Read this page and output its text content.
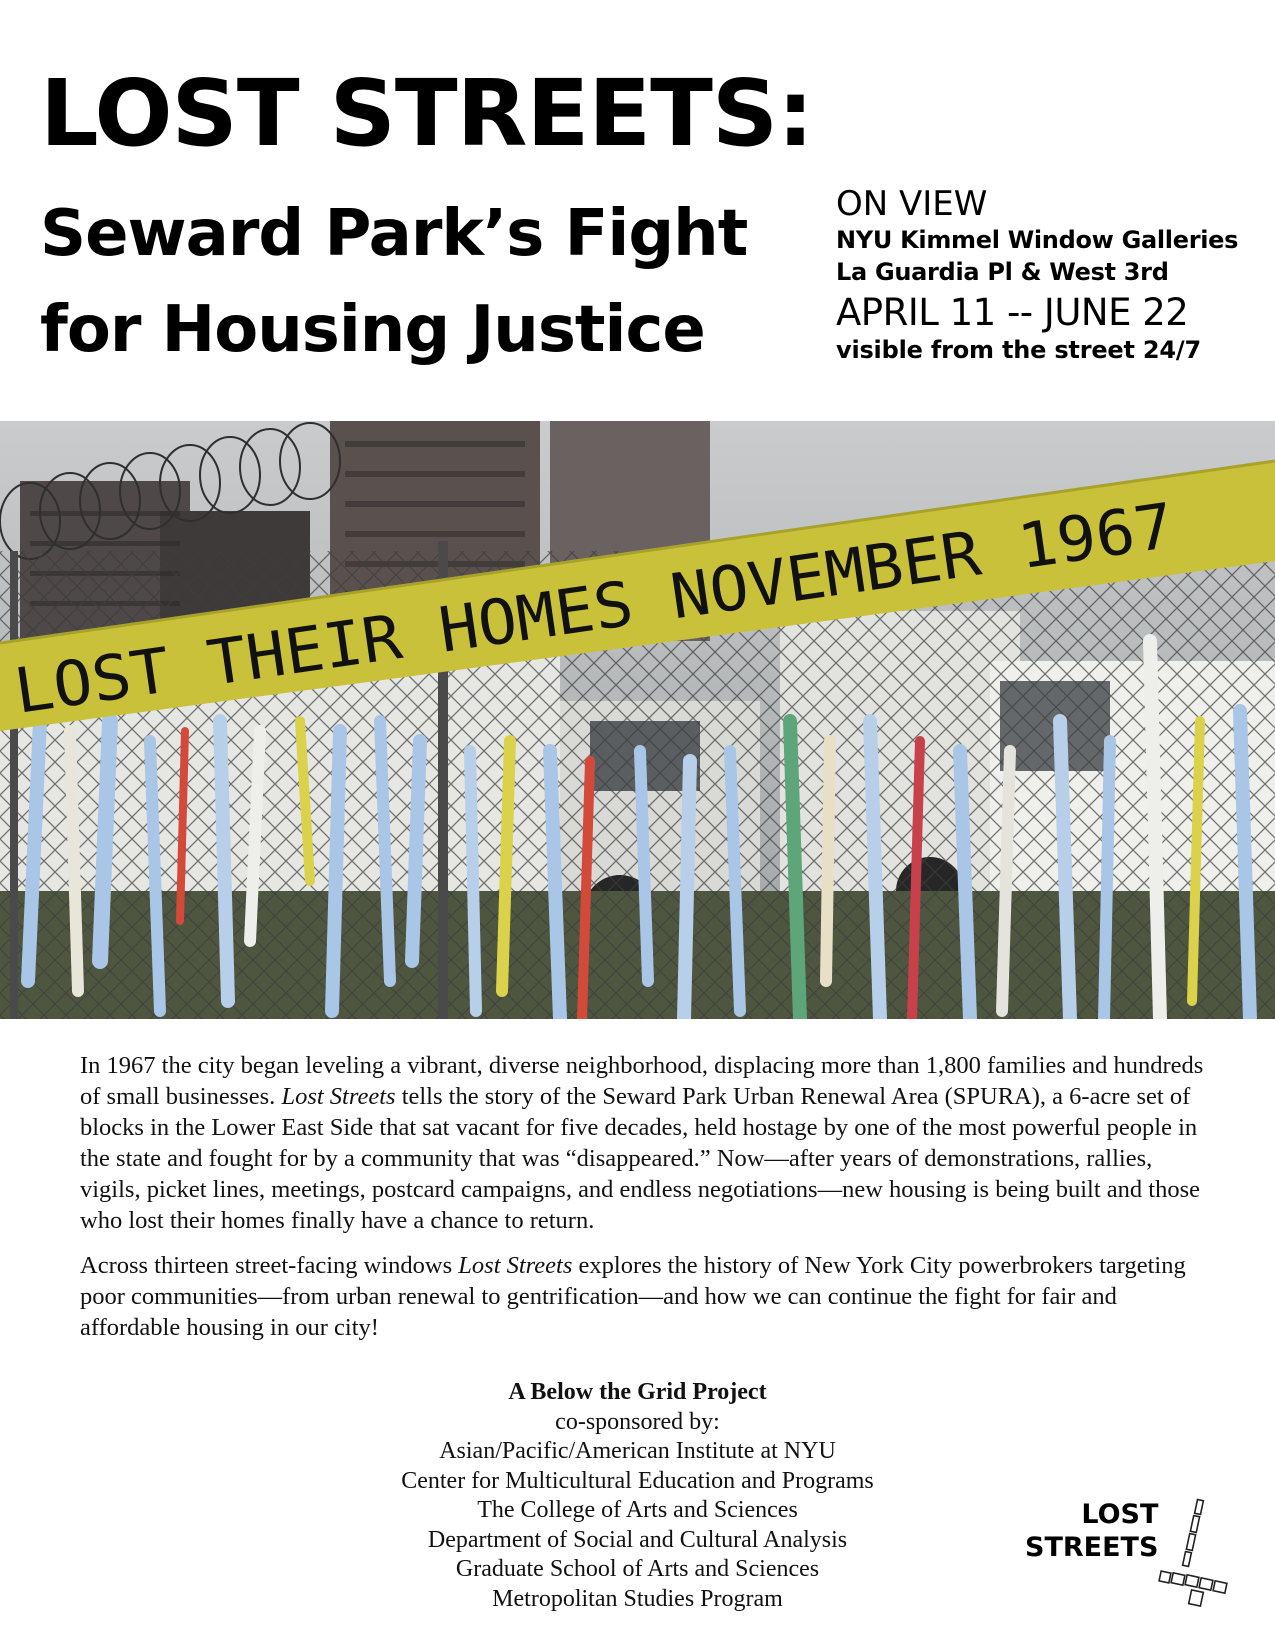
LOST STREETS:
Seward Park’s Fight
for Housing Justice
ON VIEW
NYU Kimmel Window Galleries
La Guardia Pl & West 3rd
APRIL 11 -- JUNE 22
visible from the street 24/7
LOST THEIR HOMES NOVEMBER 1967

In 1967 the city began leveling a vibrant, diverse neighborhood, displacing more than 1,800 families and hundreds of small businesses. Lost Streets tells the story of the Seward Park Urban Renewal Area (SPURA), a 6-acre set of blocks in the Lower East Side that sat vacant for five decades, held hostage by one of the most powerful people in the state and fought for by a community that was “disappeared.” Now—after years of demonstrations, rallies, vigils, picket lines, meetings, postcard campaigns, and endless negotiations—new housing is being built and those who lost their homes finally have a chance to return.

Across thirteen street-facing windows Lost Streets explores the history of New York City powerbrokers targeting poor communities—from urban renewal to gentrification—and how we can continue the fight for fair and affordable housing in our city!

A Below the Grid Project
co-sponsored by:
Asian/Pacific/American Institute at NYU
Center for Multicultural Education and Programs
The College of Arts and Sciences
Department of Social and Cultural Analysis
Graduate School of Arts and Sciences
Metropolitan Studies Program
LOST
STREETS
